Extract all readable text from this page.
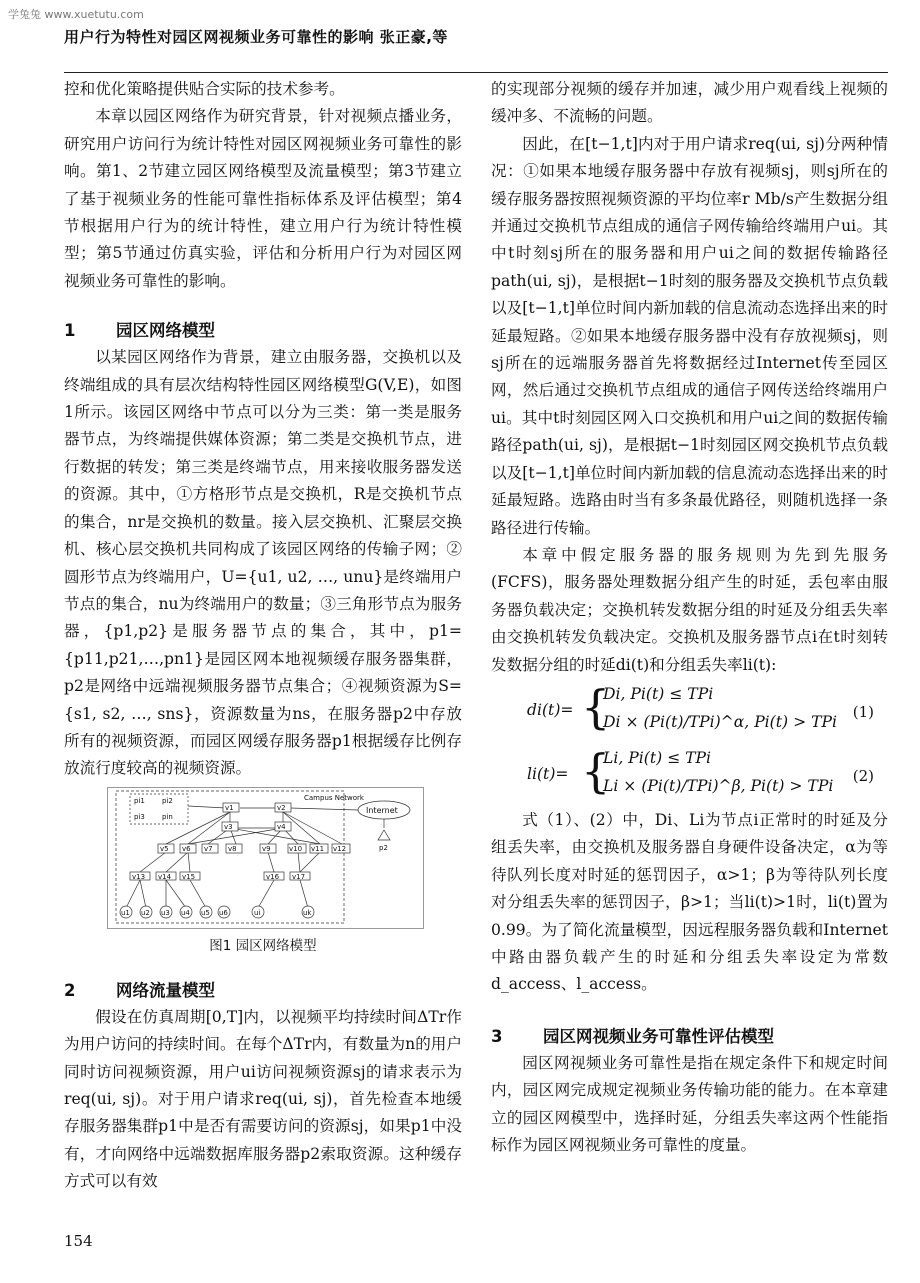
学兔兔 www.xuetutu.com
用户行为特性对园区网视频业务可靠性的影响 张正豪,等

控和优化策略提供贴合实际的技术参考。

本章以园区网络作为研究背景，针对视频点播业务，研究用户访问行为统计特性对园区网视频业务可靠性的影响。第1、2节建立园区网络模型及流量模型；第3节建立了基于视频业务的性能可靠性指标体系及评估模型；第4节根据用户行为的统计特性，建立用户行为统计特性模型；第5节通过仿真实验，评估和分析用户行为对园区网视频业务可靠性的影响。

1 园区网络模型

以某园区网络作为背景，建立由服务器，交换机以及终端组成的具有层次结构特性园区网络模型G(V,E)，如图1所示。该园区网络中节点可以分为三类：第一类是服务器节点，为终端提供媒体资源；第二类是交换机节点，进行数据的转发；第三类是终端节点，用来接收服务器发送的资源。其中，①方格形节点是交换机，R是交换机节点的集合，nr是交换机的数量。接入层交换机、汇聚层交换机、核心层交换机共同构成了该园区网络的传输子网；②圆形节点为终端用户，U={u1, u2, …, unu}是终端用户节点的集合，nu为终端用户的数量；③三角形节点为服务器，{p1,p2}是服务器节点的集合，其中，p1={p11,p21,…,pn1}是园区网本地视频缓存服务器集群，p2是网络中远端视频服务器节点集合；④视频资源为S={s1, s2, …, sns}，资源数量为ns，在服务器p2中存放所有的视频资源，而园区网缓存服务器p1根据缓存比例存放流行度较高的视频资源。

pi1 pi2
pi3 pin
v1	v2
v3	v4
v5 v6 v7 v8	v9	v10 v11 v12
v13 v14 v15	v16 v17
u1 u2 u3 u4 u5 u6	ui	uk
Campus Network
Internet
p2
图1 园区网络模型
2 网络流量模型

假设在仿真周期[0,T]内，以视频平均持续时间ΔTr作为用户访问的持续时间。在每个ΔTr内，有数量为n的用户同时访问视频资源，用户ui访问视频资源sj的请求表示为req(ui, sj)。对于用户请求req(ui, sj)，首先检查本地缓存服务器集群p1中是否有需要访问的资源sj，如果p1中没有，才向网络中远端数据库服务器p2索取资源。这种缓存方式可以有效

的实现部分视频的缓存并加速，减少用户观看线上视频的缓冲多、不流畅的问题。

因此，在[t−1,t]内对于用户请求req(ui, sj)分两种情况：①如果本地缓存服务器中存放有视频sj，则sj所在的缓存服务器按照视频资源的平均位率r Mb/s产生数据分组并通过交换机节点组成的通信子网传输给终端用户ui。其中t时刻sj所在的服务器和用户ui之间的数据传输路径path(ui, sj)，是根据t−1时刻的服务器及交换机节点负载以及[t−1,t]单位时间内新加载的信息流动态选择出来的时延最短路。②如果本地缓存服务器中没有存放视频sj，则sj所在的远端服务器首先将数据经过Internet传至园区网，然后通过交换机节点组成的通信子网传送给终端用户ui。其中t时刻园区网入口交换机和用户ui之间的数据传输路径path(ui, sj)，是根据t−1时刻园区网交换机节点负载以及[t−1,t]单位时间内新加载的信息流动态选择出来的时延最短路。选路由时当有多条最优路径，则随机选择一条路径进行传输。

本章中假定服务器的服务规则为先到先服务(FCFS)，服务器处理数据分组产生的时延，丢包率由服务器负载决定；交换机转发数据分组的时延及分组丢失率由交换机转发负载决定。交换机及服务器节点i在t时刻转发数据分组的时延di(t)和分组丢失率li(t):

di(t)= {
Di, Pi(t) ≤ TPi
Di × (Pi(t)/TPi)^α, Pi(t) > TPi
(1)
li(t)= {
Li, Pi(t) ≤ TPi
Li × (Pi(t)/TPi)^β, Pi(t) > TPi
(2)

式（1）、(2）中，Di、Li为节点i正常时的时延及分组丢失率，由交换机及服务器自身硬件设备决定，α为等待队列长度对时延的惩罚因子，α>1；β为等待队列长度对分组丢失率的惩罚因子，β>1；当li(t)>1时，li(t)置为0.99。为了简化流量模型，因远程服务器负载和Internet中路由器负载产生的时延和分组丢失率设定为常数d_access、l_access。

3 园区网视频业务可靠性评估模型

园区网视频业务可靠性是指在规定条件下和规定时间内，园区网完成规定视频业务传输功能的能力。在本章建立的园区网模型中，选择时延，分组丢失率这两个性能指标作为园区网视频业务可靠性的度量。

154
